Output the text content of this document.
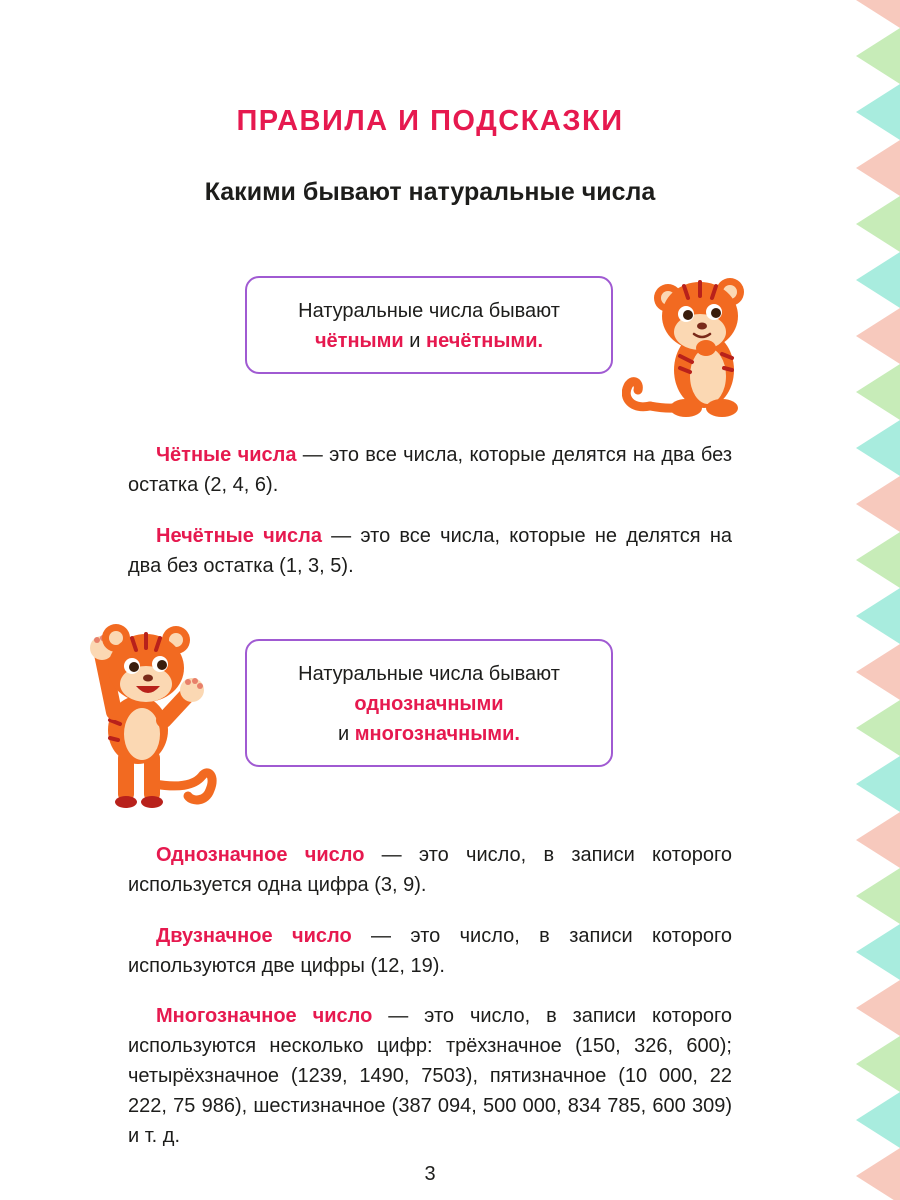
ПРАВИЛА И ПОДСКАЗКИ
Какими бывают натуральные числа
Натуральные числа бывают
чётными и нечётными.

Чётные числа — это все числа, которые делятся на два без остатка (2, 4, 6).

Нечётные числа — это все числа, которые не делятся на два без остатка (1, 3, 5).

Натуральные числа бывают
однозначными
и многозначными.

Однозначное число — это число, в записи которого используется одна цифра (3, 9).

Двузначное число — это число, в записи которого используются две цифры (12, 19).

Многозначное число — это число, в записи которого используются несколько цифр: трёхзначное (150, 326, 600); четырёхзначное (1239, 1490, 7503), пятизначное (10 000, 22 222, 75 986), шестизначное (387 094, 500 000, 834 785, 600 309) и т. д.

3
